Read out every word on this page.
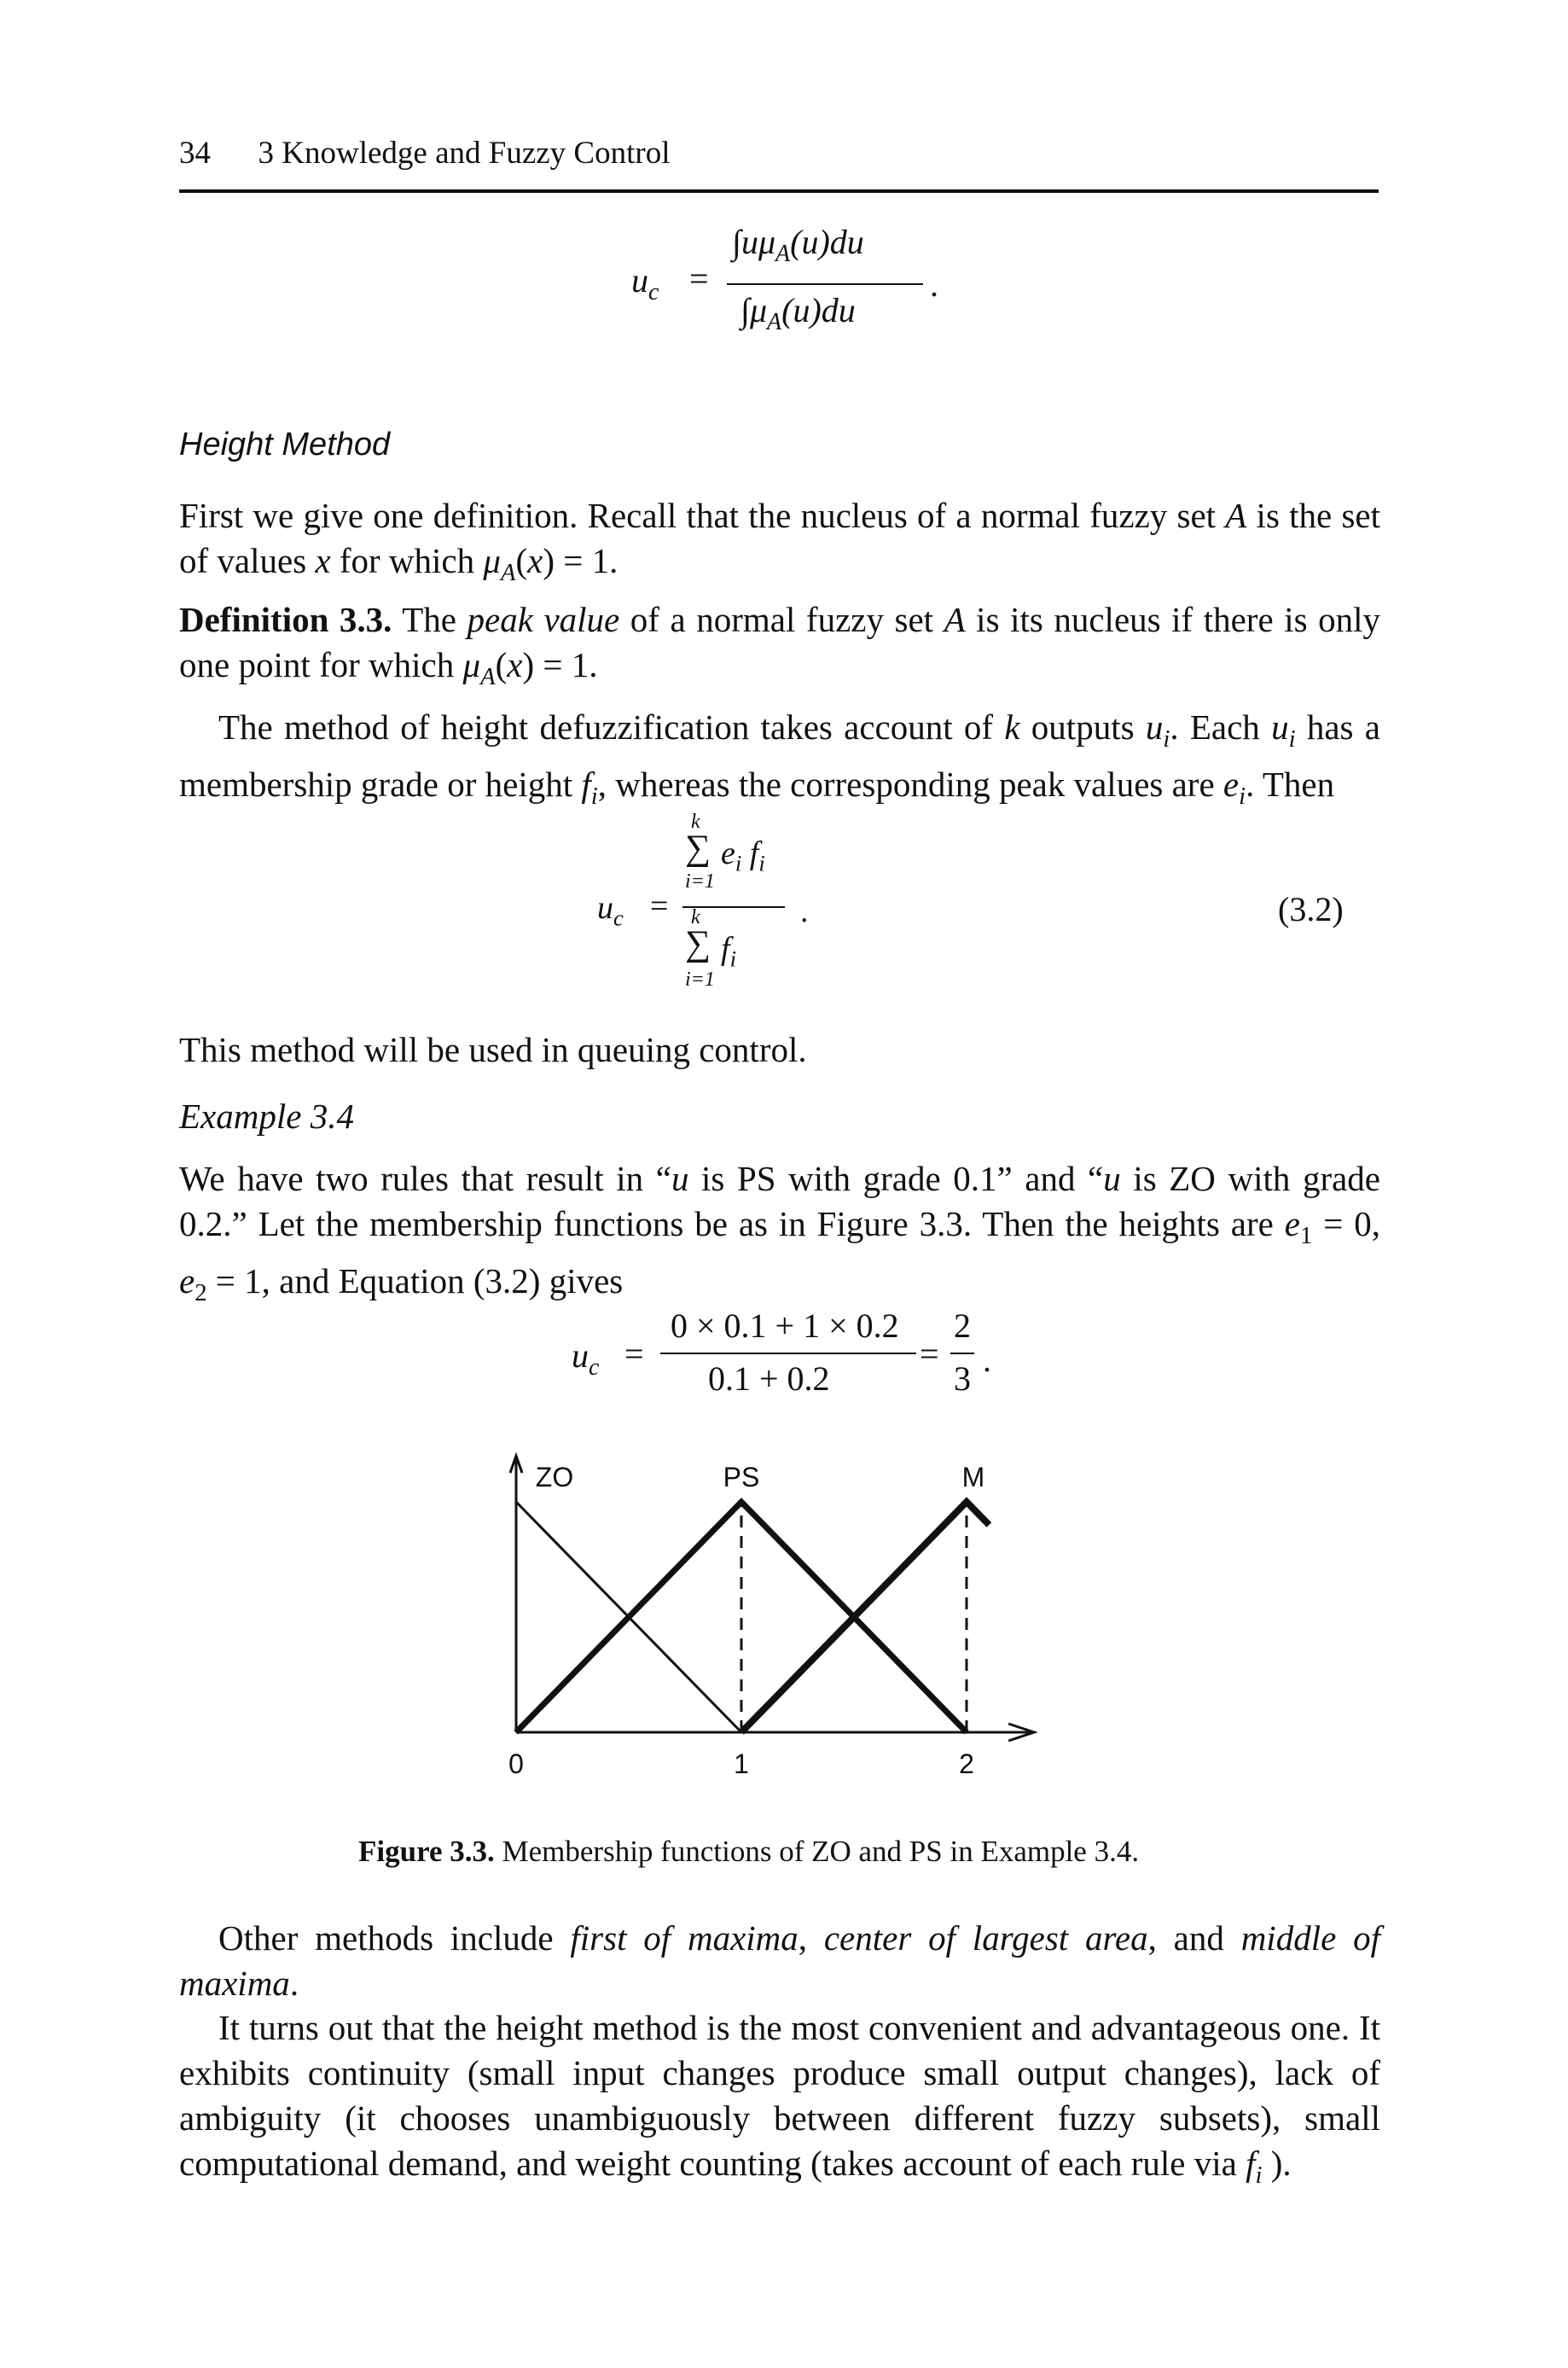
34 3 Knowledge and Fuzzy Control
$u_c$ =
$\int u\mu_A(u)du$
$\int\mu_A(u)du$
.
Height Method
First we give one definition. Recall that the nucleus of a normal fuzzy set A is the set of values x for which $\mu_A(x) = 1$.
Definition 3.3. The peak value of a normal fuzzy set A is its nucleus if there is only one point for which $\mu_A(x) = 1$.
The method of height defuzzification takes account of k outputs $u_i$. Each $u_i$ has a membership grade or height $f_i$, whereas the corresponding peak values are $e_i$. Then
k
∑ $e_i$ $f_i$
i=1
$u_c$ =	.
k
∑ $f_i$
i=1
(3.2)
This method will be used in queuing control.
Example 3.4
We have two rules that result in “u is PS with grade 0.1” and “u is ZO with grade 0.2.” Let the membership functions be as in Figure 3.3. Then the heights are $e_1 = 0$, $e_2 = 1$, and Equation (3.2) gives
$u_c$ =
0 × 0.1 + 1 × 0.2
0.1 + 0.2
=
2
3 .
ZO	PS	M
0	1	2
Figure 3.3. Membership functions of ZO and PS in Example 3.4.
Other methods include first of maxima, center of largest area, and middle of maxima.
It turns out that the height method is the most convenient and advantageous one. It exhibits continuity (small input changes produce small output changes), lack of ambiguity (it chooses unambiguously between different fuzzy subsets), small computational demand, and weight counting (takes account of each rule via $f_i$ ).
